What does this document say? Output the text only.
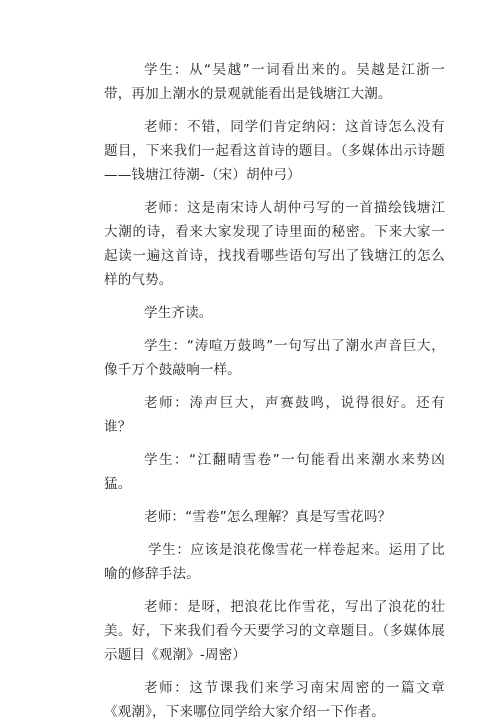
学生：从“吴越”一词看出来的。吴越是江浙一带，再加上潮水的景观就能看出是钱塘江大潮。

老师：不错，同学们肯定纳闷：这首诗怎么没有题目，下来我们一起看这首诗的题目。（多媒体出示诗题——钱塘江待潮-（宋）胡仲弓）

老师：这是南宋诗人胡仲弓写的一首描绘钱塘江大潮的诗，看来大家发现了诗里面的秘密。下来大家一起读一遍这首诗，找找看哪些语句写出了钱塘江的怎么样的气势。

学生齐读。

学生：“涛喧万鼓鸣”一句写出了潮水声音巨大，像千万个鼓敲响一样。

老师：涛声巨大，声赛鼓鸣，说得很好。还有谁？

学生：“江翻晴雪卷”一句能看出来潮水来势凶猛。

老师：“雪卷”怎么理解？真是写雪花吗？

学生：应该是浪花像雪花一样卷起来。运用了比喻的修辞手法。

老师：是呀，把浪花比作雪花，写出了浪花的壮美。好，下来我们看今天要学习的文章题目。（多媒体展示题目《观潮》-周密）

老师：这节课我们来学习南宋周密的一篇文章《观潮》，下来哪位同学给大家介绍一下作者。
